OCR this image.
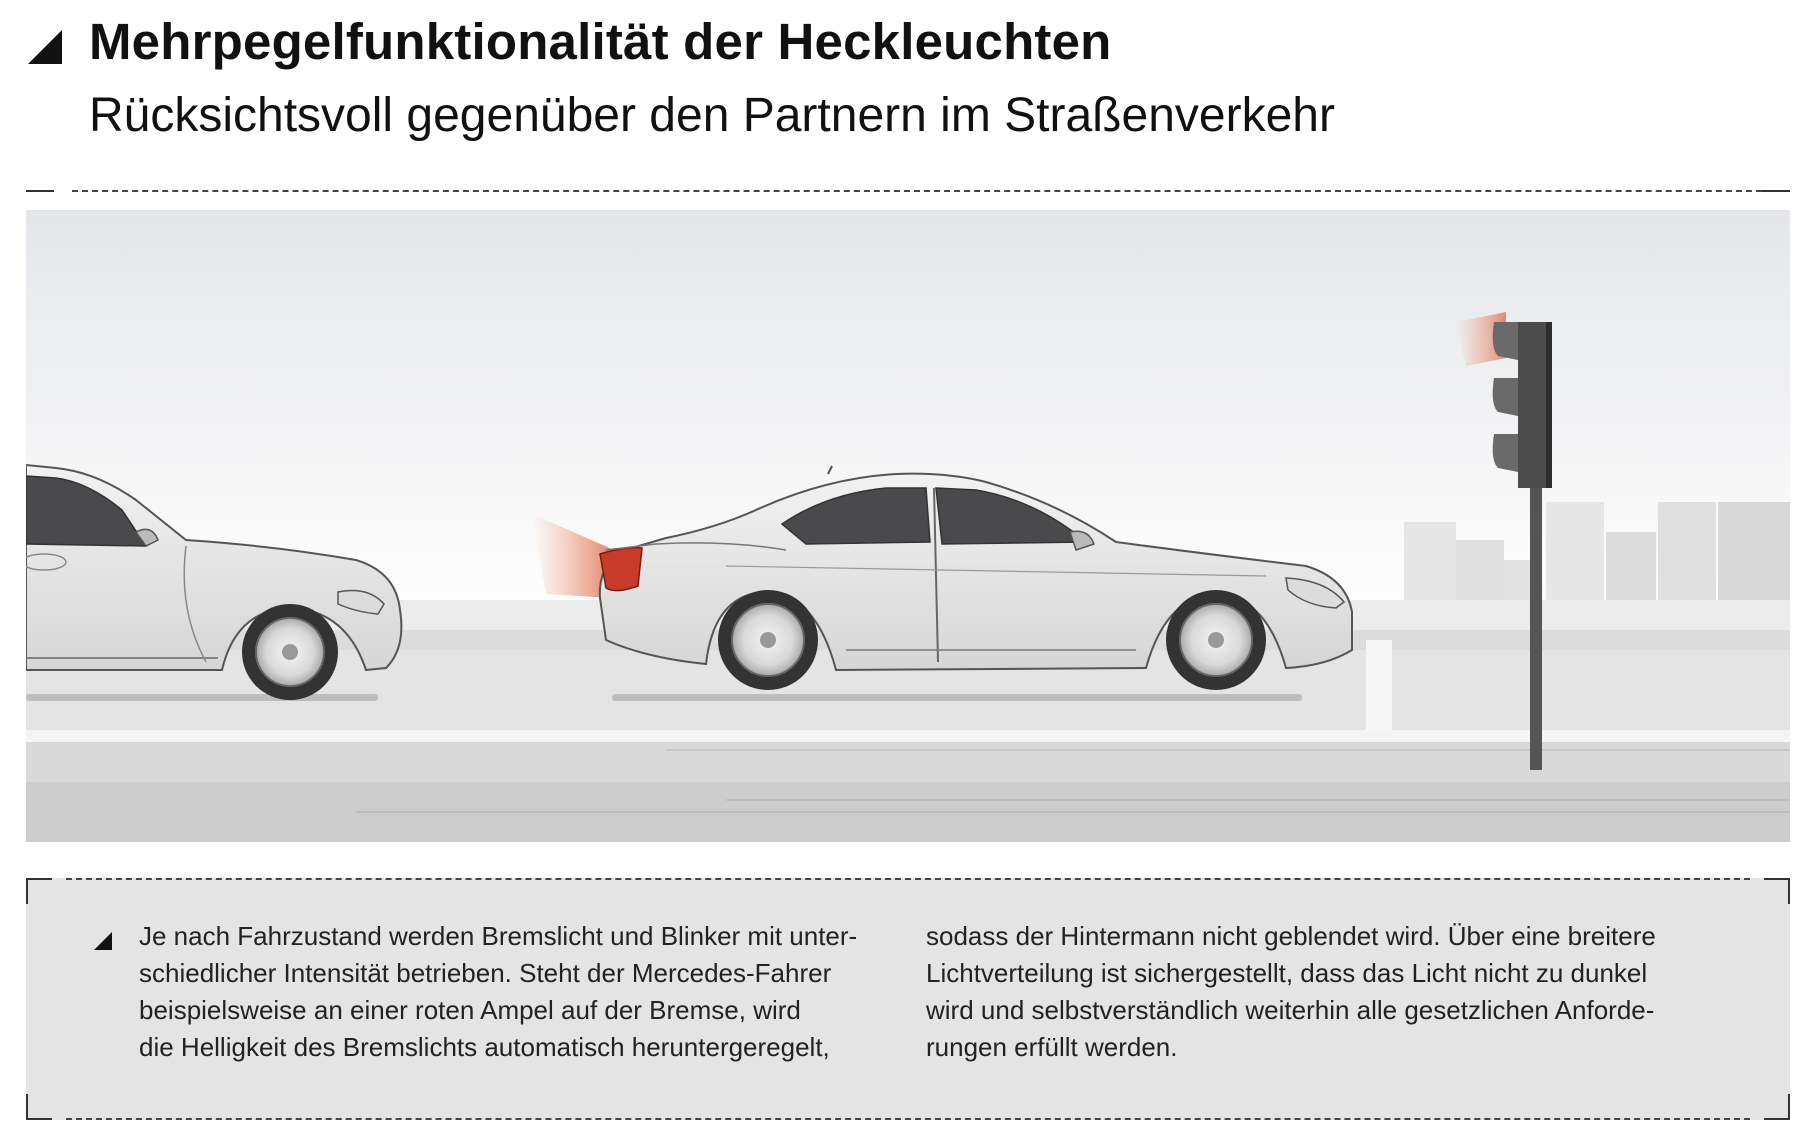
Mehrpegelfunktionalität der Heckleuchten
Rücksichtsvoll gegenüber den Partnern im Straßenverkehr
Je nach Fahrzustand werden Bremslicht und Blinker mit unter-
schiedlicher Intensität betrieben. Steht der Mercedes-Fahrer
beispielsweise an einer roten Ampel auf der Bremse, wird
die Helligkeit des Bremslichts automatisch heruntergeregelt,
sodass der Hintermann nicht geblendet wird. Über eine breitere
Lichtverteilung ist sichergestellt, dass das Licht nicht zu dunkel
wird und selbstverständlich weiterhin alle gesetzlichen Anforde-
rungen erfüllt werden.
